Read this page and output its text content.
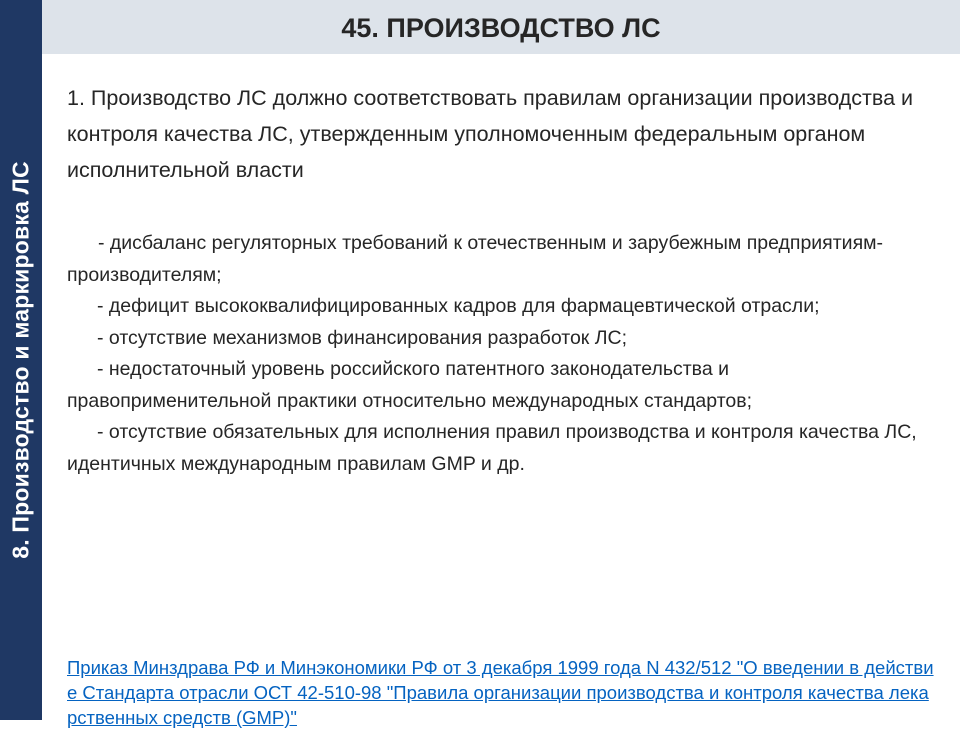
8. Производство и маркировка ЛС
45. ПРОИЗВОДСТВО ЛС

1. Производство ЛС должно соответствовать правилам организации производства и контроля качества ЛС, утвержденным уполномоченным федеральным органом исполнительной власти

- дисбаланс регуляторных требований к отечественным и зарубежным предприятиям-производителям;

- дефицит высококвалифицированных кадров для фармацевтической отрасли;

- отсутствие механизмов финансирования разработок ЛС;

- недостаточный уровень российского патентного законодательства и правоприменительной практики относительно международных стандартов;

- отсутствие обязательных для исполнения правил производства и контроля качества ЛС, идентичных международным правилам GMP и др.

Приказ Минздрава РФ и Минэкономики РФ от 3 декабря 1999 года N 432/512 "О введении в действие Стандарта отрасли ОСТ 42-510-98 "Правила организации производства и контроля качества лекарственных средств (GMP)"
